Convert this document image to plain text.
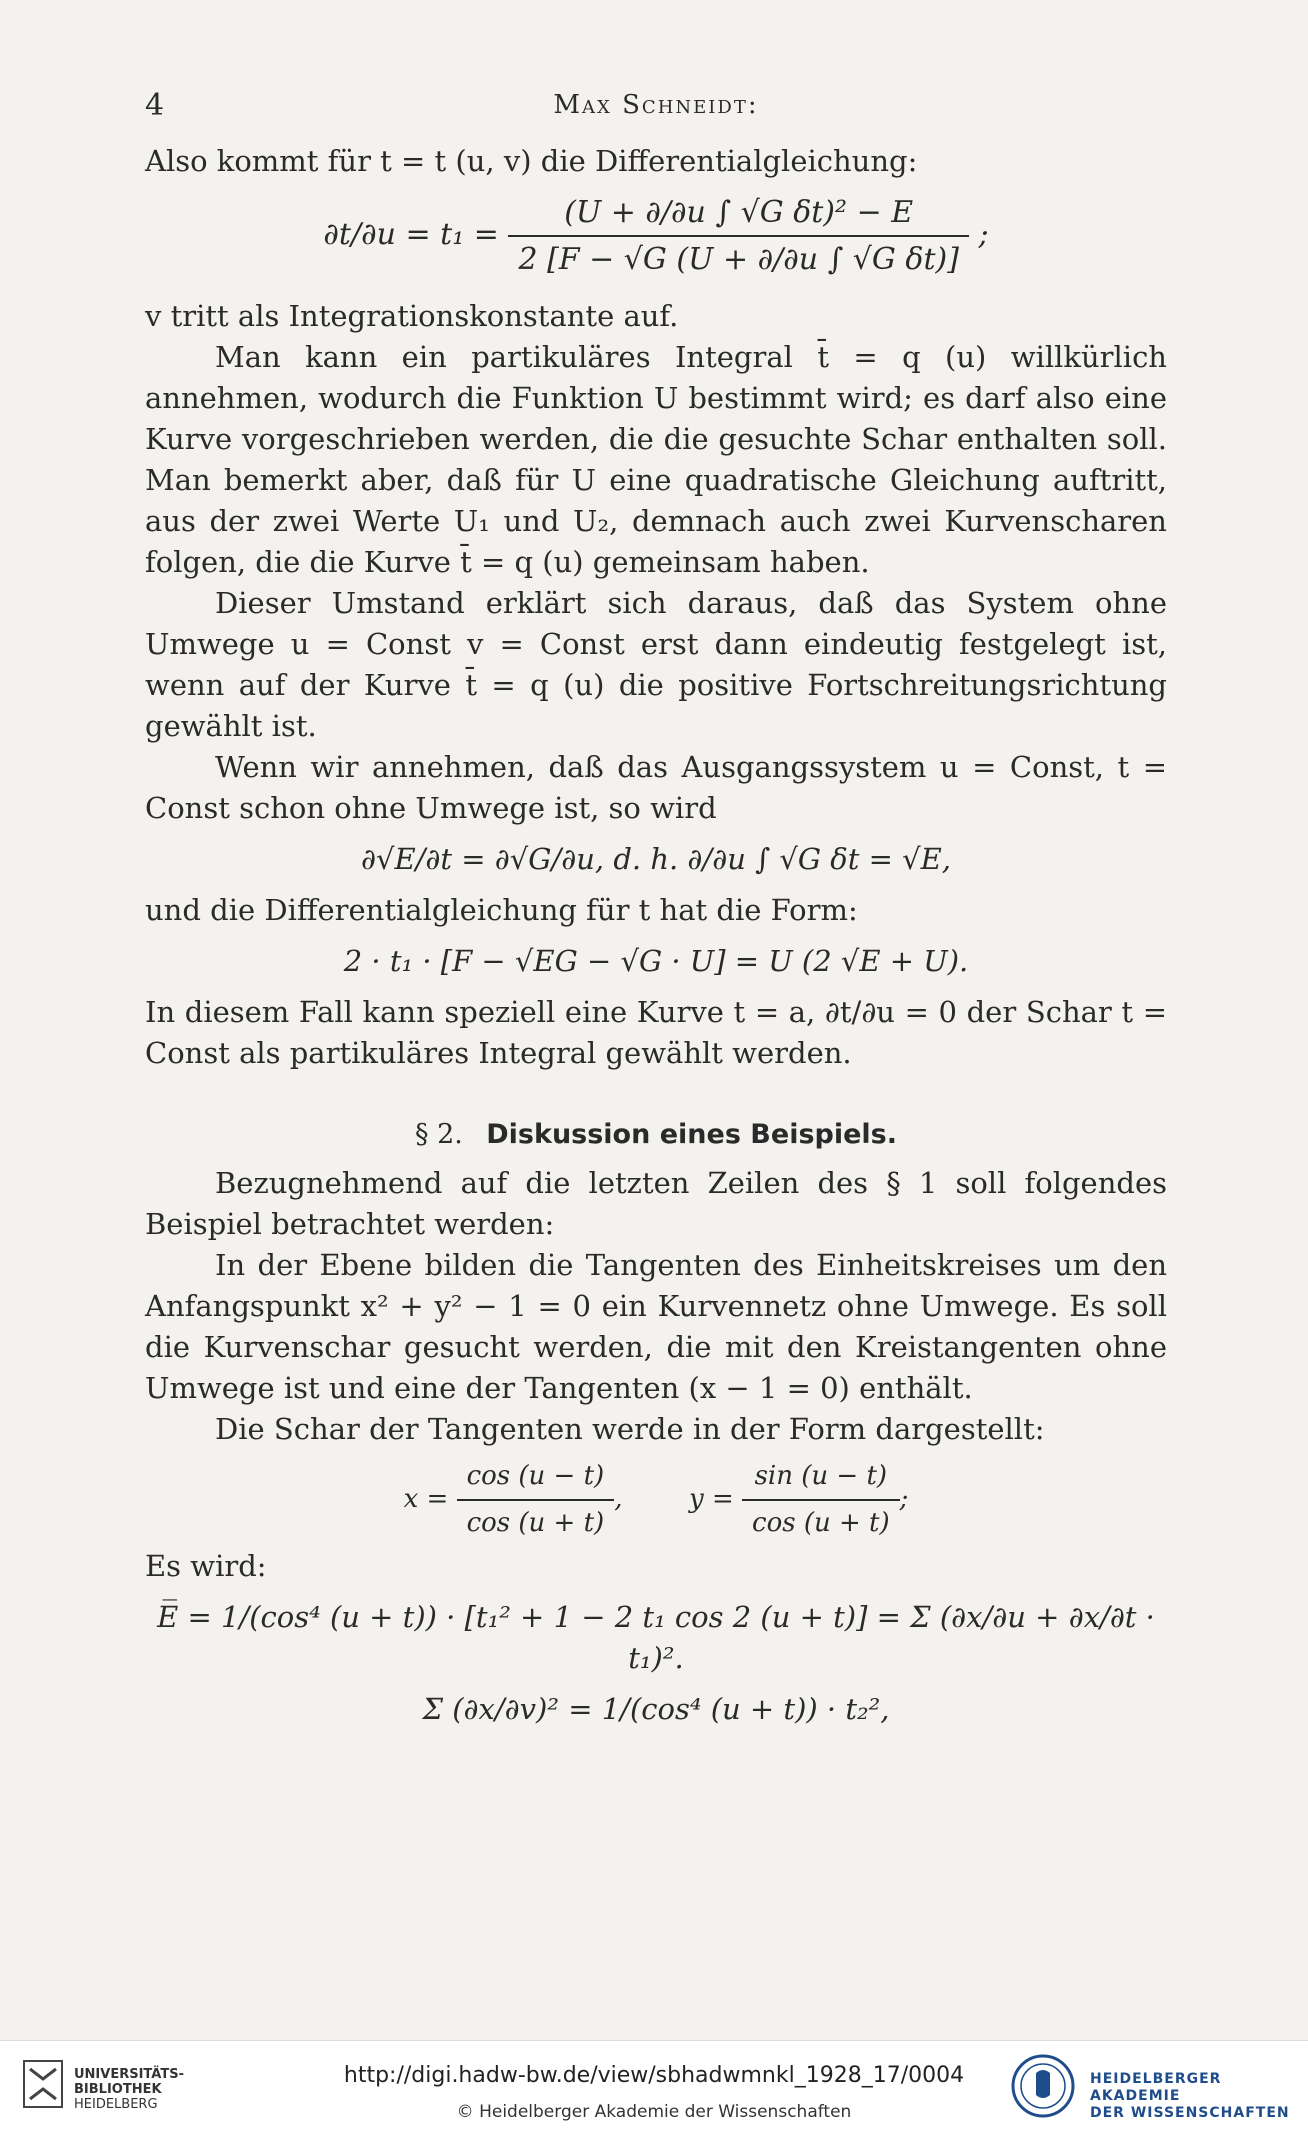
4	Max Schneidt:

Also kommt für t = t (u, v) die Differentialgleichung:

$\partial t/\partial u = t_1 = \frac{\text{(U + ∂/∂u ∫ √G δt)² − E}}{\text{2 [F − √G (U + ∂/∂u ∫ √G δt)]}}$ ;

v tritt als Integrationskonstante auf.

Man kann ein partikuläres Integral t̄ = q (u) willkürlich annehmen, wodurch die Funktion U bestimmt wird; es darf also eine Kurve vorgeschrieben werden, die die gesuchte Schar enthalten soll. Man bemerkt aber, daß für U eine quadratische Gleichung auftritt, aus der zwei Werte U₁ und U₂, demnach auch zwei Kurvenscharen folgen, die die Kurve t̄ = q (u) gemeinsam haben.

Dieser Umstand erklärt sich daraus, daß das System ohne Umwege u = Const v = Const erst dann eindeutig festgelegt ist, wenn auf der Kurve t̄ = q (u) die positive Fortschreitungsrichtung gewählt ist.

Wenn wir annehmen, daß das Ausgangssystem u = Const, t = Const schon ohne Umwege ist, so wird

∂√E/∂t = ∂√G/∂u, d. h. ∂/∂u ∫ √G δt = √E,

und die Differentialgleichung für t hat die Form:

2 · t₁ · [F − √EG − √G · U] = U (2 √E + U).

In diesem Fall kann speziell eine Kurve t = a, ∂t/∂u = 0 der Schar t = Const als partikuläres Integral gewählt werden.

§ 2. Diskussion eines Beispiels.

Bezugnehmend auf die letzten Zeilen des § 1 soll folgendes Beispiel betrachtet werden:

In der Ebene bilden die Tangenten des Einheitskreises um den Anfangspunkt x² + y² − 1 = 0 ein Kurvennetz ohne Umwege. Es soll die Kurvenschar gesucht werden, die mit den Kreistangenten ohne Umwege ist und eine der Tangenten (x − 1 = 0) enthält.

Die Schar der Tangenten werde in der Form dargestellt:

$x = \frac{\cos (u - t)}{\cos (u + t)}$ ,  $y = \frac{\sin (u - t)}{\cos (u + t)}$ ;

Es wird:

E̅ = 1/(cos⁴ (u + t)) · [t₁² + 1 − 2 t₁ cos 2 (u + t)] = Σ (∂x/∂u + ∂x/∂t · t₁)².
Σ (∂x/∂v)² = 1/(cos⁴ (u + t)) · t₂²,
UNIVERSITÄTS-
BIBLIOTHEK
HEIDELBERG
http://digi.hadw-bw.de/view/sbhadwmnkl_1928_17/0004
© Heidelberger Akademie der Wissenschaften
HEIDELBERGER AKADEMIE
DER WISSENSCHAFTEN
